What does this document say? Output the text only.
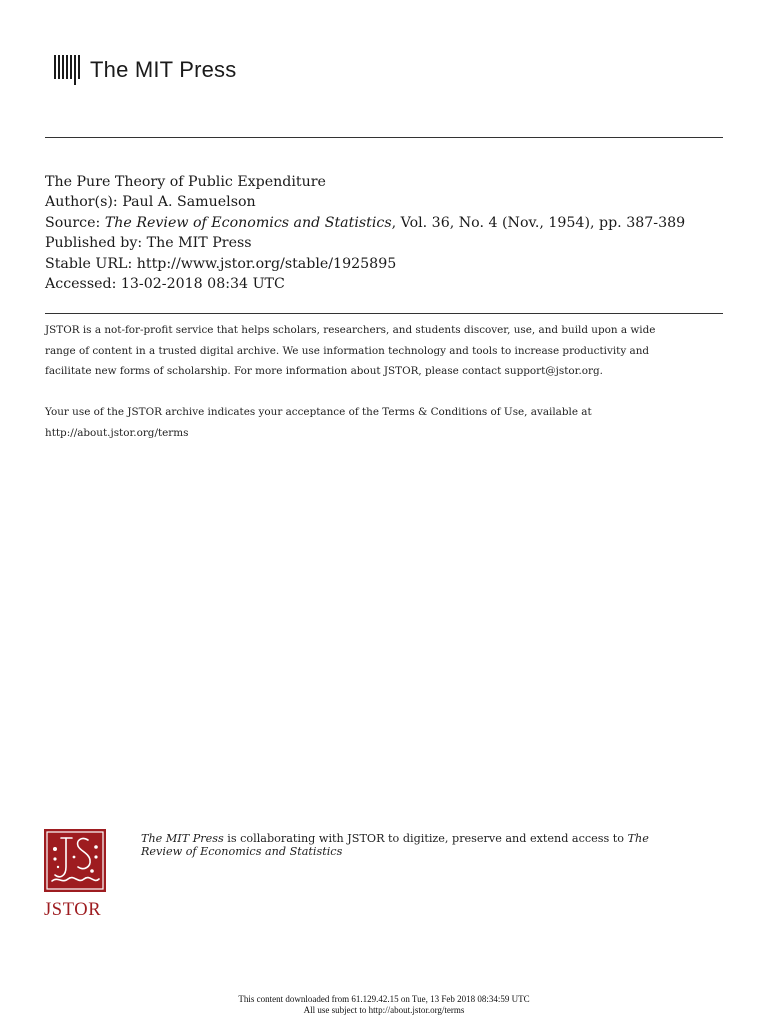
The MIT Press
The Pure Theory of Public Expenditure
Author(s): Paul A. Samuelson
Source: The Review of Economics and Statistics, Vol. 36, No. 4 (Nov., 1954), pp. 387-389
Published by: The MIT Press
Stable URL: http://www.jstor.org/stable/1925895
Accessed: 13-02-2018 08:34 UTC
JSTOR is a not-for-profit service that helps scholars, researchers, and students discover, use, and build upon a wide
range of content in a trusted digital archive. We use information technology and tools to increase productivity and
facilitate new forms of scholarship. For more information about JSTOR, please contact support@jstor.org.
Your use of the JSTOR archive indicates your acceptance of the Terms & Conditions of Use, available at
http://about.jstor.org/terms
JSTOR
The MIT Press is collaborating with JSTOR to digitize, preserve and extend access to The
Review of Economics and Statistics
This content downloaded from 61.129.42.15 on Tue, 13 Feb 2018 08:34:59 UTC
All use subject to http://about.jstor.org/terms
